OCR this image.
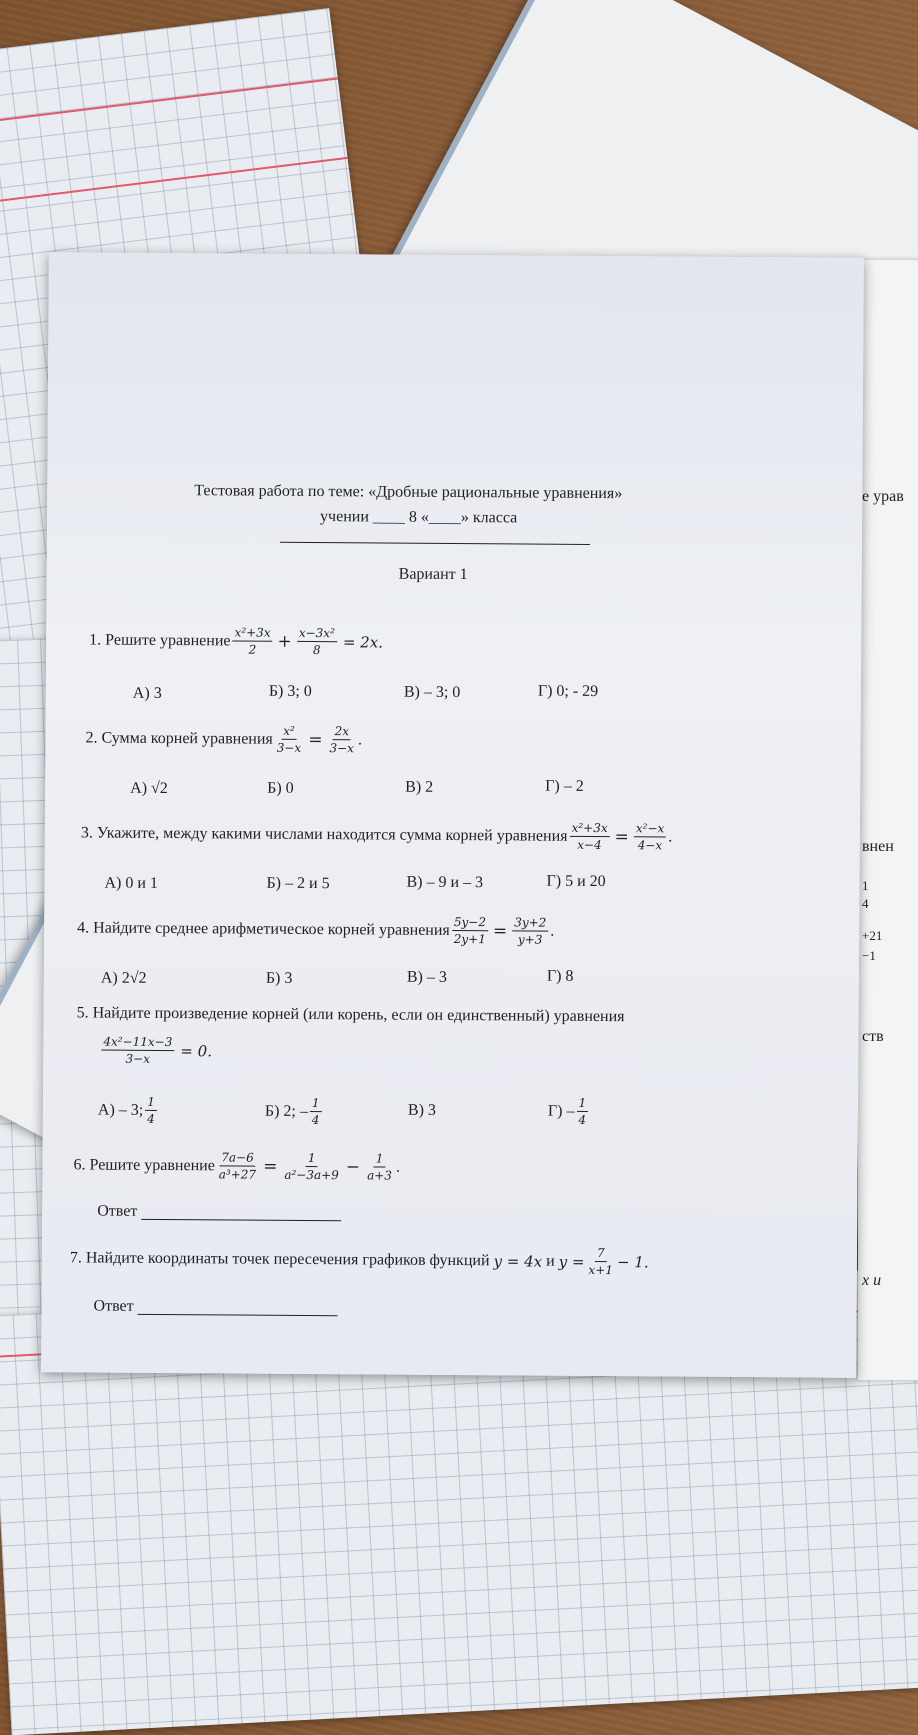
е урав
внен
1
4
+21
−1
ств
x и
Тестовая работа по теме: «Дробные рациональные уравнения»
учении ____ 8 «____» класса
Вариант 1
1.
Решите уравнение $\frac{\text{x²+3x}}{2} + \frac{\text{x−3x²}}{8} = 2x$.
А) 3	Б) 3; 0	В) – 3; 0	Г) 0; - 29
2.
Сумма корней уравнения $\frac{\text{x²}}{3-x} = \frac{2x}{3-x}$ .
А) √2	Б) 0	В) 2	Г) – 2
3.
Укажите, между какими числами находится сумма корней уравнения $\frac{\text{x²+3x}}{x-4} = \frac{\text{x²−x}}{4-x}$ .
А) 0 и 1	Б) – 2 и 5	В) – 9 и – 3	Г) 5 и 20
4.
Найдите среднее арифметическое корней уравнения $\frac{5y-2}{2y+1} = \frac{3y+2}{y+3}$ .
А) 2√2	Б) 3	В) – 3	Г) 8
5.
Найдите произведение корней (или корень, если он единственный) уравнения
$\frac{\text{4x²−11x−3}}{3-x} = 0$.
А) – 3; $\frac{1}{4}$	Б) 2; – $\frac{1}{4}$	В) 3	$Г) - \frac{1}{4}$
6.
Решите уравнение $\frac{7a-6}{\text{a³+27}} = \frac{1}{\text{a²−3a+9}} - \frac{1}{a+3}$ .
Ответ
7.
Найдите координаты точек пересечения графиков функций
y = 4x
и
$y = \frac{7}{x+1} - 1$.
Ответ
